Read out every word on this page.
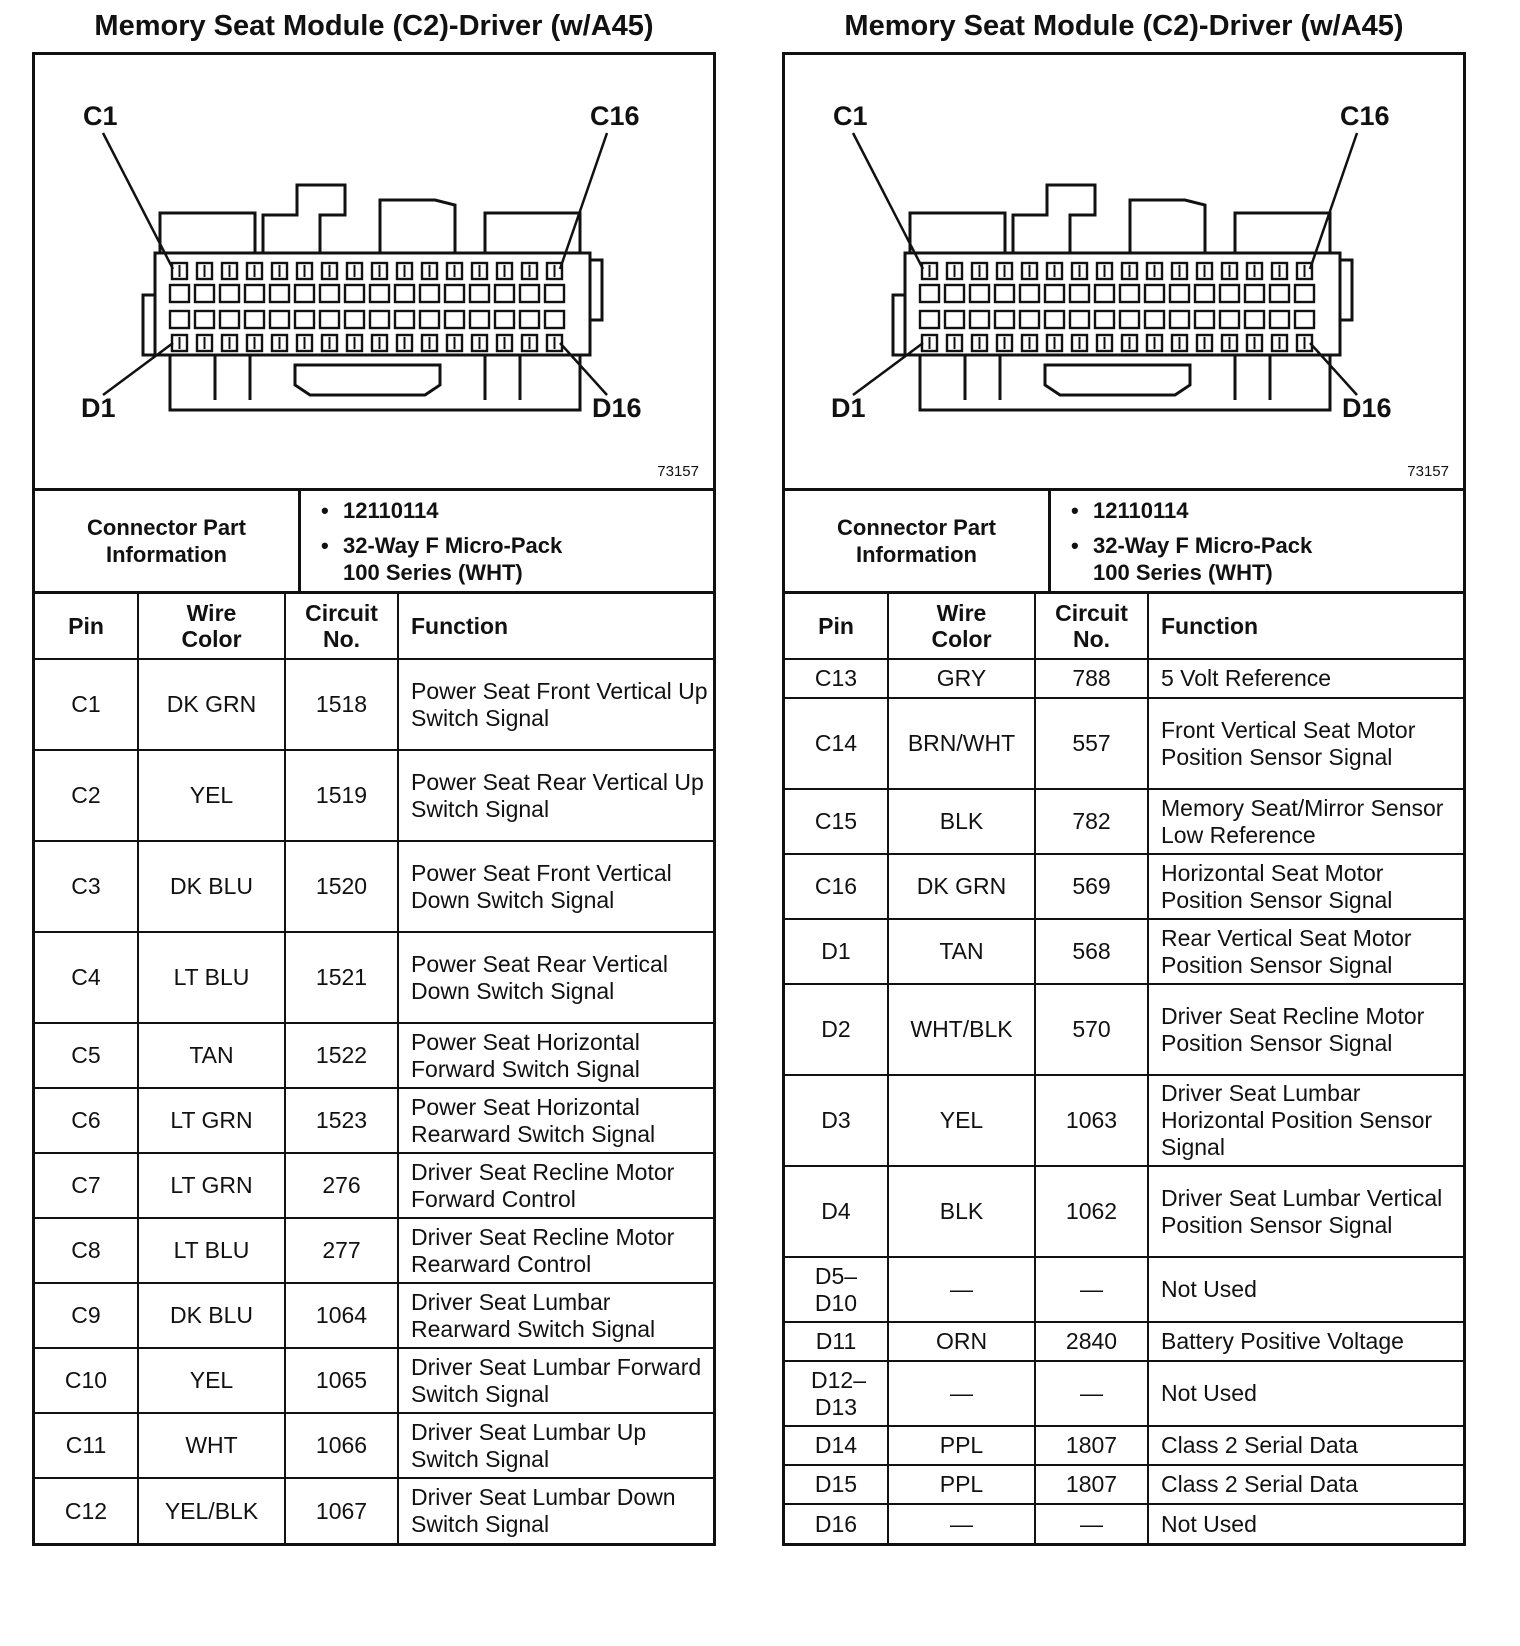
Memory Seat Module (C2)-Driver (w/A45)
C1	C16
D1	D16
73157
Connector Part Information
• 12110114
• 32-Way F Micro-Pack 100 Series (WHT)
Pin	Wire Color	Circuit No.	Function
C1	DK GRN	1518	Power Seat Front Vertical Up Switch Signal
C2	YEL	1519	Power Seat Rear Vertical Up Switch Signal
C3	DK BLU	1520	Power Seat Front Vertical Down Switch Signal
C4	LT BLU	1521	Power Seat Rear Vertical Down Switch Signal
C5	TAN	1522	Power Seat Horizontal Forward Switch Signal
C6	LT GRN	1523	Power Seat Horizontal Rearward Switch Signal
C7	LT GRN	276	Driver Seat Recline Motor Forward Control
C8	LT BLU	277	Driver Seat Recline Motor Rearward Control
C9	DK BLU	1064	Driver Seat Lumbar Rearward Switch Signal
C10	YEL	1065	Driver Seat Lumbar Forward Switch Signal
C11	WHT	1066	Driver Seat Lumbar Up Switch Signal
C12	YEL/BLK	1067	Driver Seat Lumbar Down Switch Signal
Memory Seat Module (C2)-Driver (w/A45)
C1	C16
D1	D16
73157
Connector Part Information
• 12110114
• 32-Way F Micro-Pack 100 Series (WHT)
Pin	Wire Color	Circuit No.	Function
C13	GRY	788	5 Volt Reference
C14	BRN/WHT	557	Front Vertical Seat Motor Position Sensor Signal
C15	BLK	782	Memory Seat/Mirror Sensor Low Reference
C16	DK GRN	569	Horizontal Seat Motor Position Sensor Signal
D1	TAN	568	Rear Vertical Seat Motor Position Sensor Signal
D2	WHT/BLK	570	Driver Seat Recline Motor Position Sensor Signal
D3	YEL	1063	Driver Seat Lumbar Horizontal Position Sensor Signal
D4	BLK	1062	Driver Seat Lumbar Vertical Position Sensor Signal
D5–D10	—	—	Not Used
D11	ORN	2840	Battery Positive Voltage
D12–D13	—	—	Not Used
D14	PPL	1807	Class 2 Serial Data
D15	PPL	1807	Class 2 Serial Data
D16	—	—	Not Used
